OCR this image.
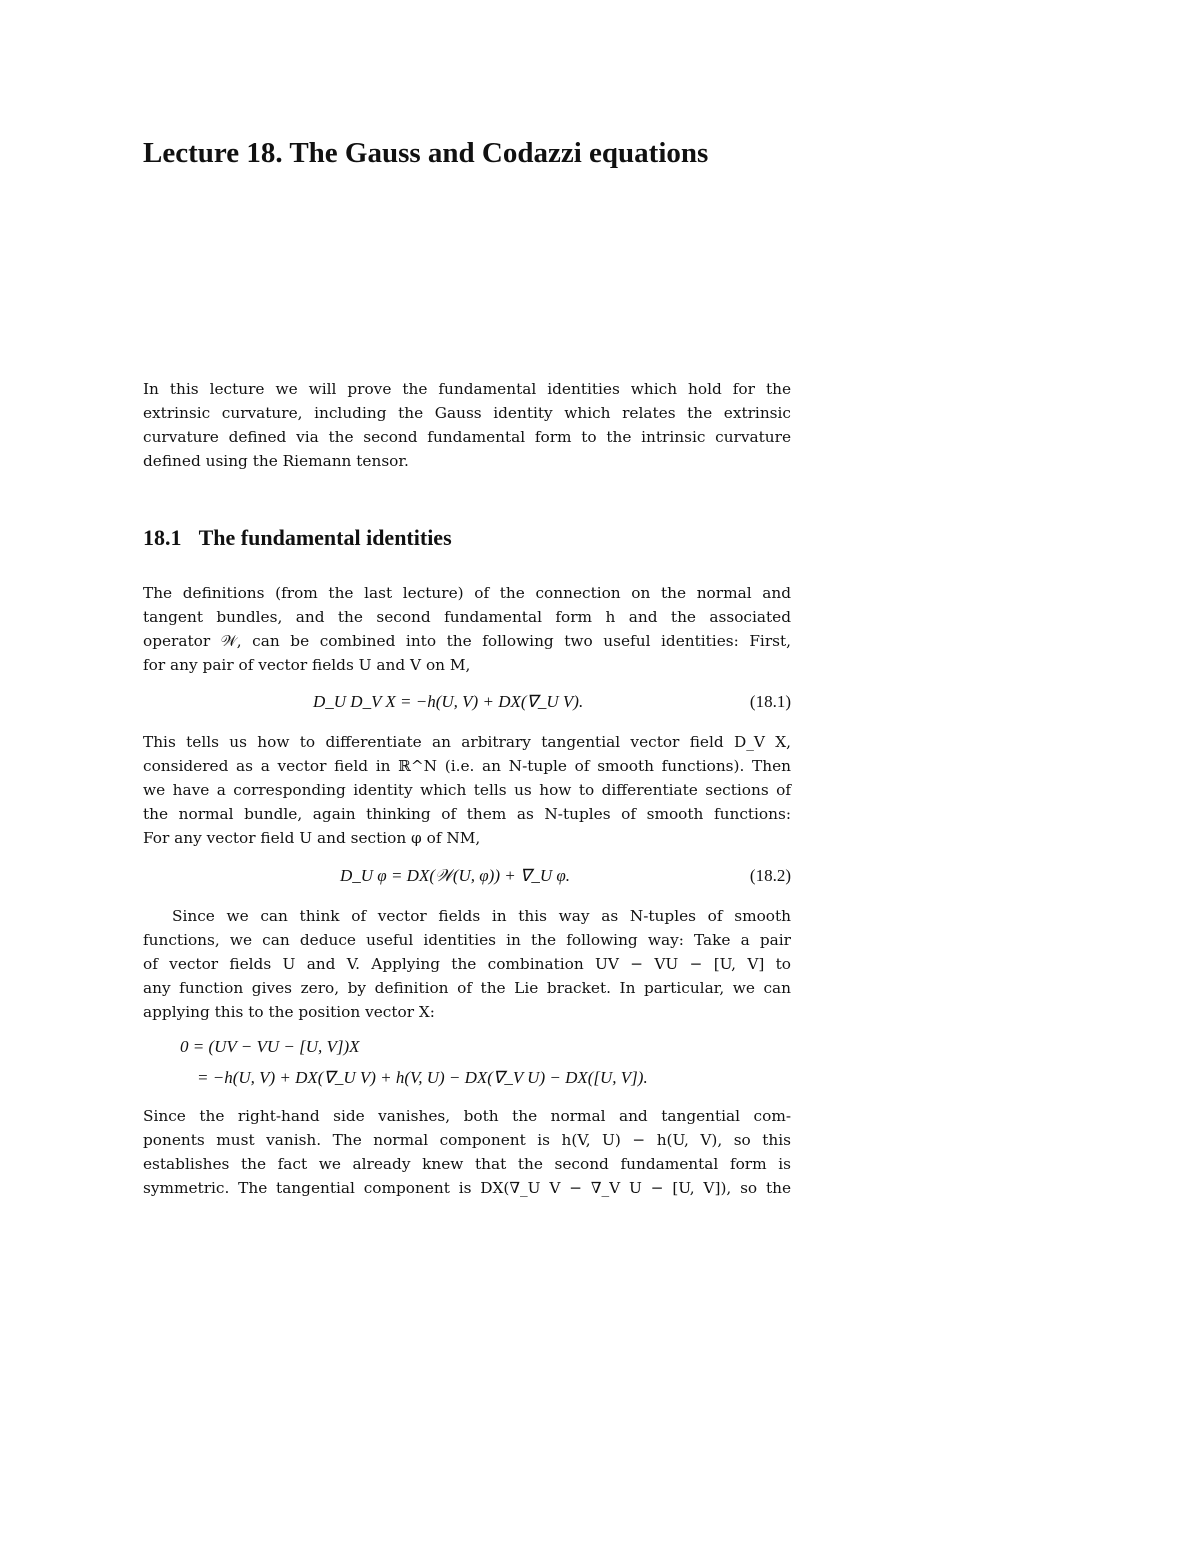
Lecture 18. The Gauss and Codazzi equations

In this lecture we will prove the fundamental identities which hold for the
extrinsic curvature, including the Gauss identity which relates the extrinsic
curvature defined via the second fundamental form to the intrinsic curvature
defined using the Riemann tensor.

18.1 The fundamental identities

The definitions (from the last lecture) of the connection on the normal and
tangent bundles, and the second fundamental form h and the associated
operator 𝒲, can be combined into the following two useful identities: First,
for any pair of vector fields U and V on M,

D_U D_V X = −h(U, V) + DX(∇_U V).	(18.1)

This tells us how to differentiate an arbitrary tangential vector field D_V X,
considered as a vector field in ℝ^N (i.e. an N-tuple of smooth functions). Then
we have a corresponding identity which tells us how to differentiate sections of
the normal bundle, again thinking of them as N-tuples of smooth functions:
For any vector field U and section φ of NM,

D_U φ = DX(𝒲(U, φ)) + ∇_U φ.	(18.2)

Since we can think of vector fields in this way as N-tuples of smooth
functions, we can deduce useful identities in the following way: Take a pair
of vector fields U and V. Applying the combination UV − VU − [U, V] to
any function gives zero, by definition of the Lie bracket. In particular, we can
applying this to the position vector X:

0 = (UV − VU − [U, V])X
= −h(U, V) + DX(∇_U V) + h(V, U) − DX(∇_V U) − DX([U, V]).

Since the right-hand side vanishes, both the normal and tangential com-
ponents must vanish. The normal component is h(V, U) − h(U, V), so this
establishes the fact we already knew that the second fundamental form is
symmetric. The tangential component is DX(∇_U V − ∇_V U − [U, V]), so the
